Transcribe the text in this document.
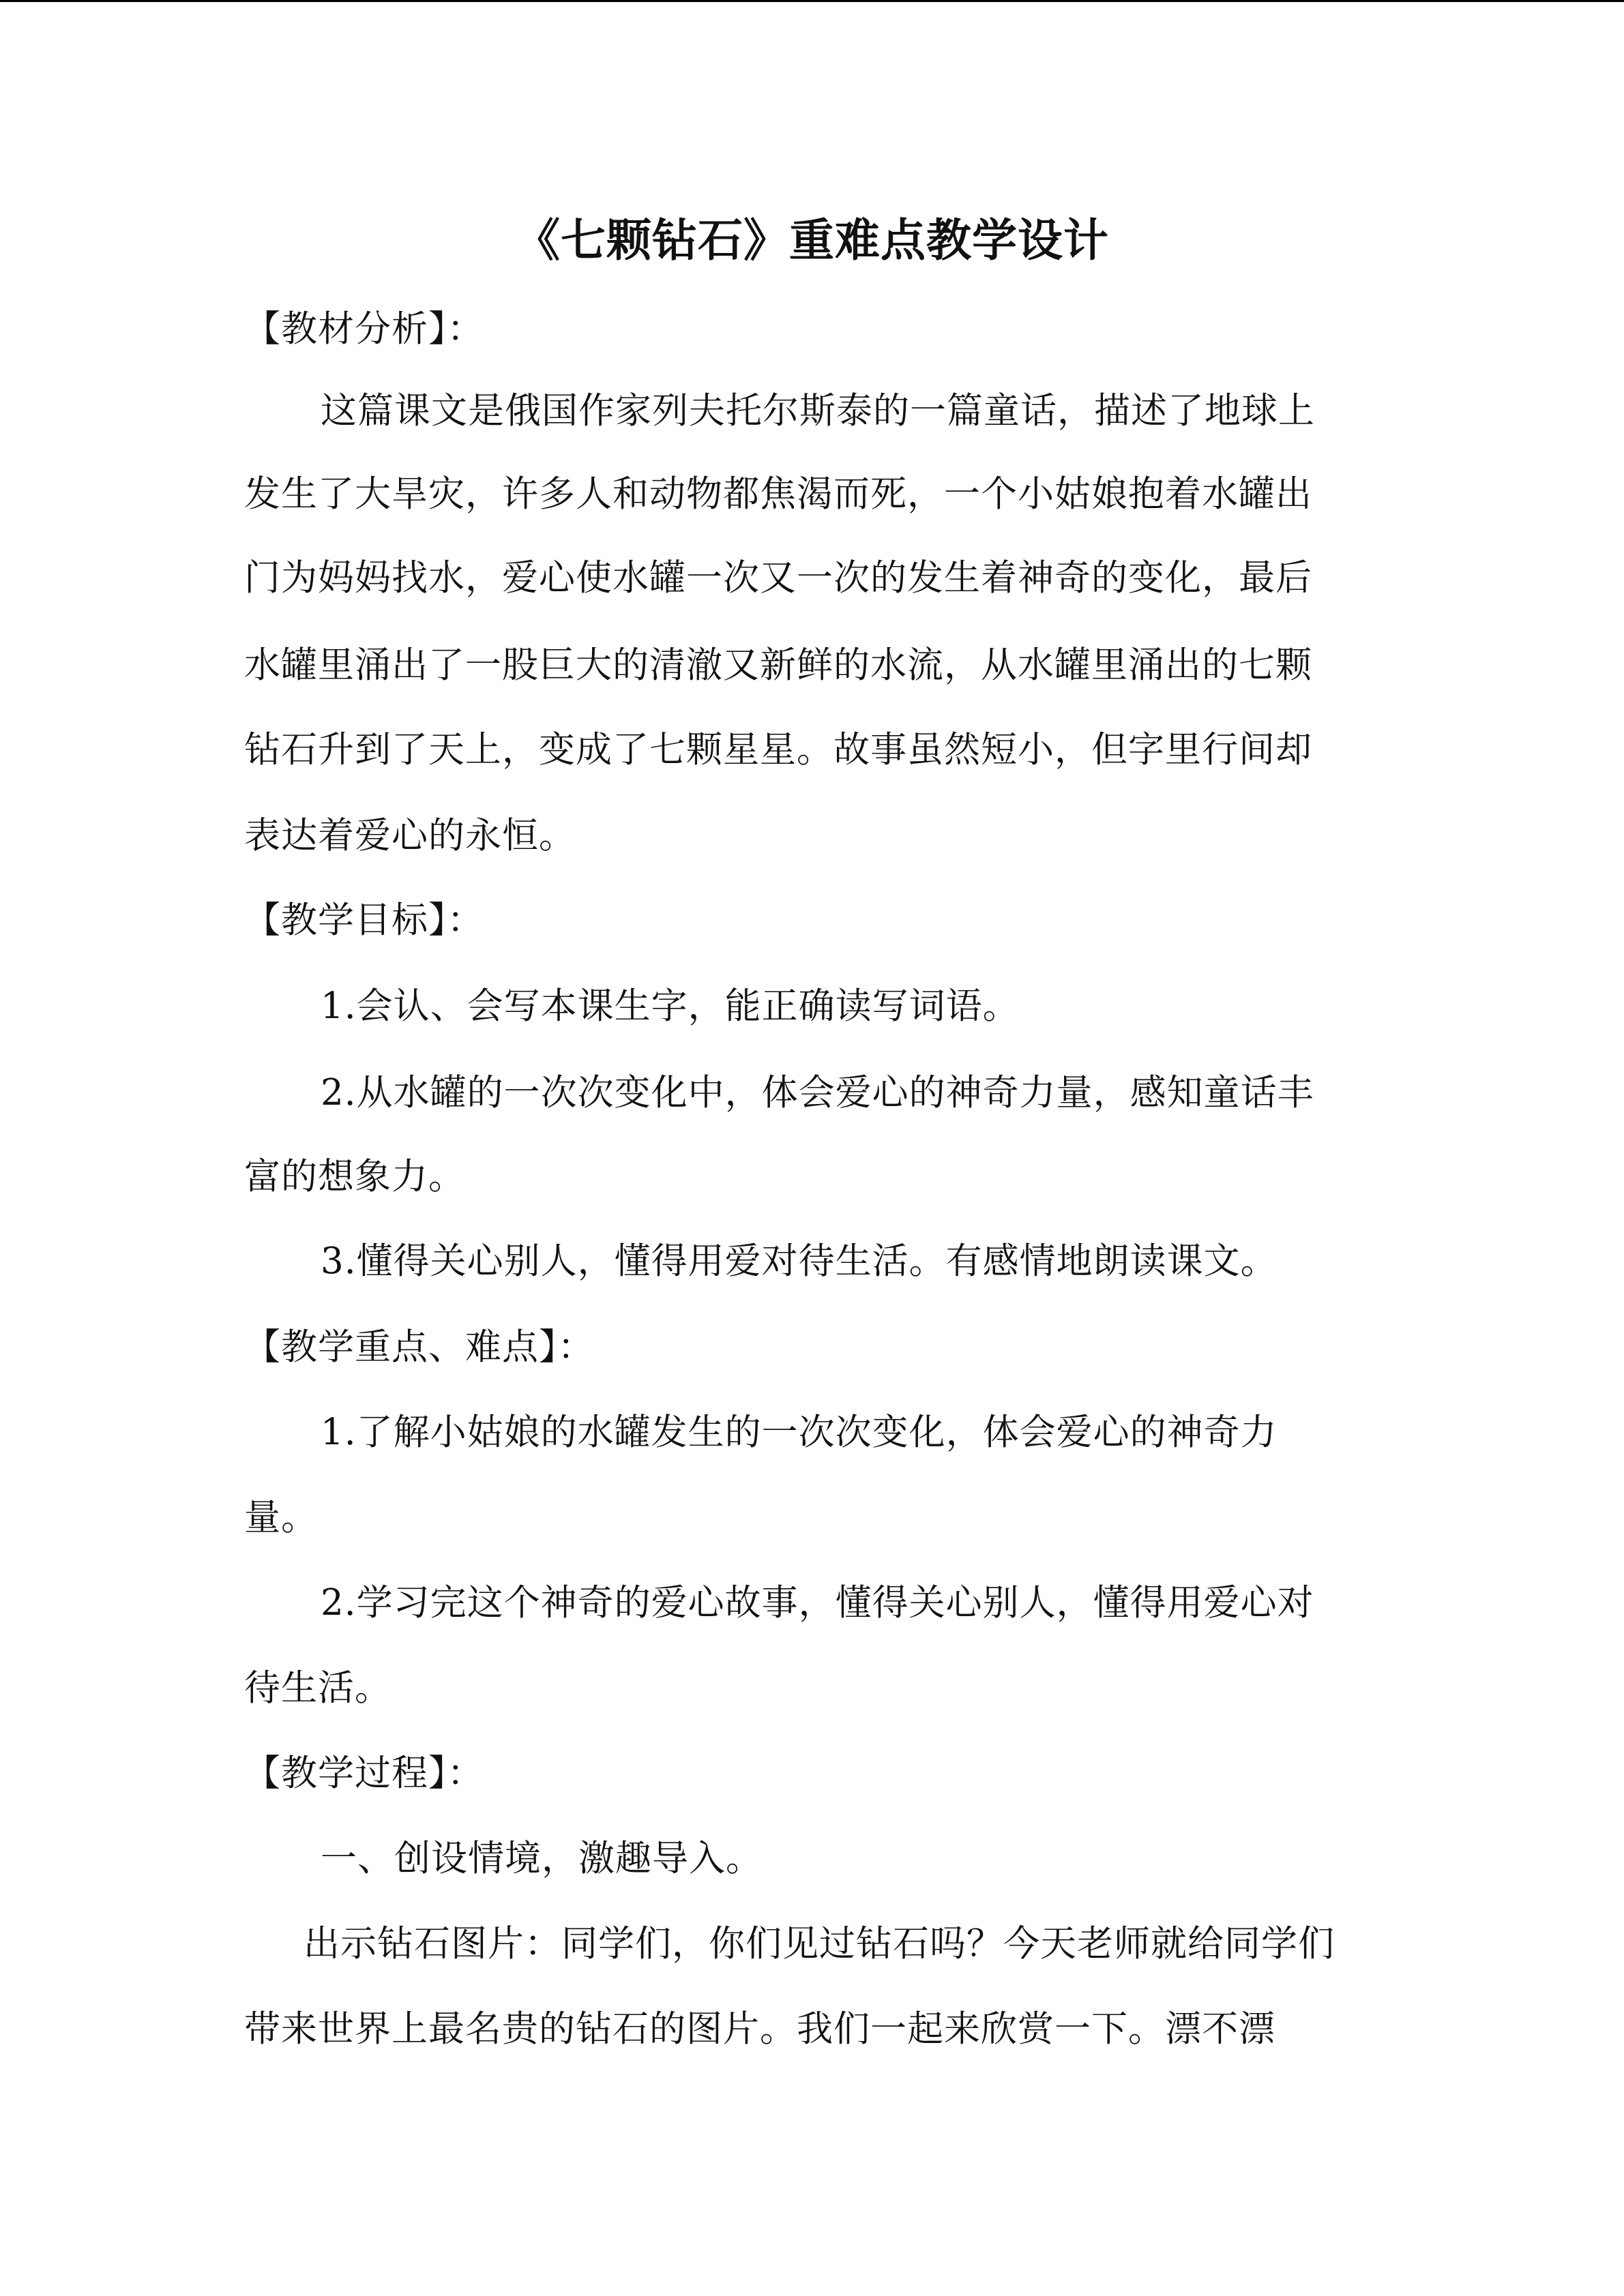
《七颗钻石》重难点教学设计
【教材分析】：
这篇课文是俄国作家列夫托尔斯泰的一篇童话，描述了地球上
发生了大旱灾，许多人和动物都焦渴而死，一个小姑娘抱着水罐出
门为妈妈找水，爱心使水罐一次又一次的发生着神奇的变化，最后
水罐里涌出了一股巨大的清澈又新鲜的水流，从水罐里涌出的七颗
钻石升到了天上，变成了七颗星星。故事虽然短小，但字里行间却
表达着爱心的永恒。
【教学目标】：
1.会认、会写本课生字，能正确读写词语。
2.从水罐的一次次变化中，体会爱心的神奇力量，感知童话丰
富的想象力。
3.懂得关心别人，懂得用爱对待生活。有感情地朗读课文。
【教学重点、难点】：
1.了解小姑娘的水罐发生的一次次变化，体会爱心的神奇力
量。
2.学习完这个神奇的爱心故事，懂得关心别人，懂得用爱心对
待生活。
【教学过程】：
一、创设情境，激趣导入。
出示钻石图片：同学们，你们见过钻石吗？今天老师就给同学们
带来世界上最名贵的钻石的图片。我们一起来欣赏一下。漂不漂
